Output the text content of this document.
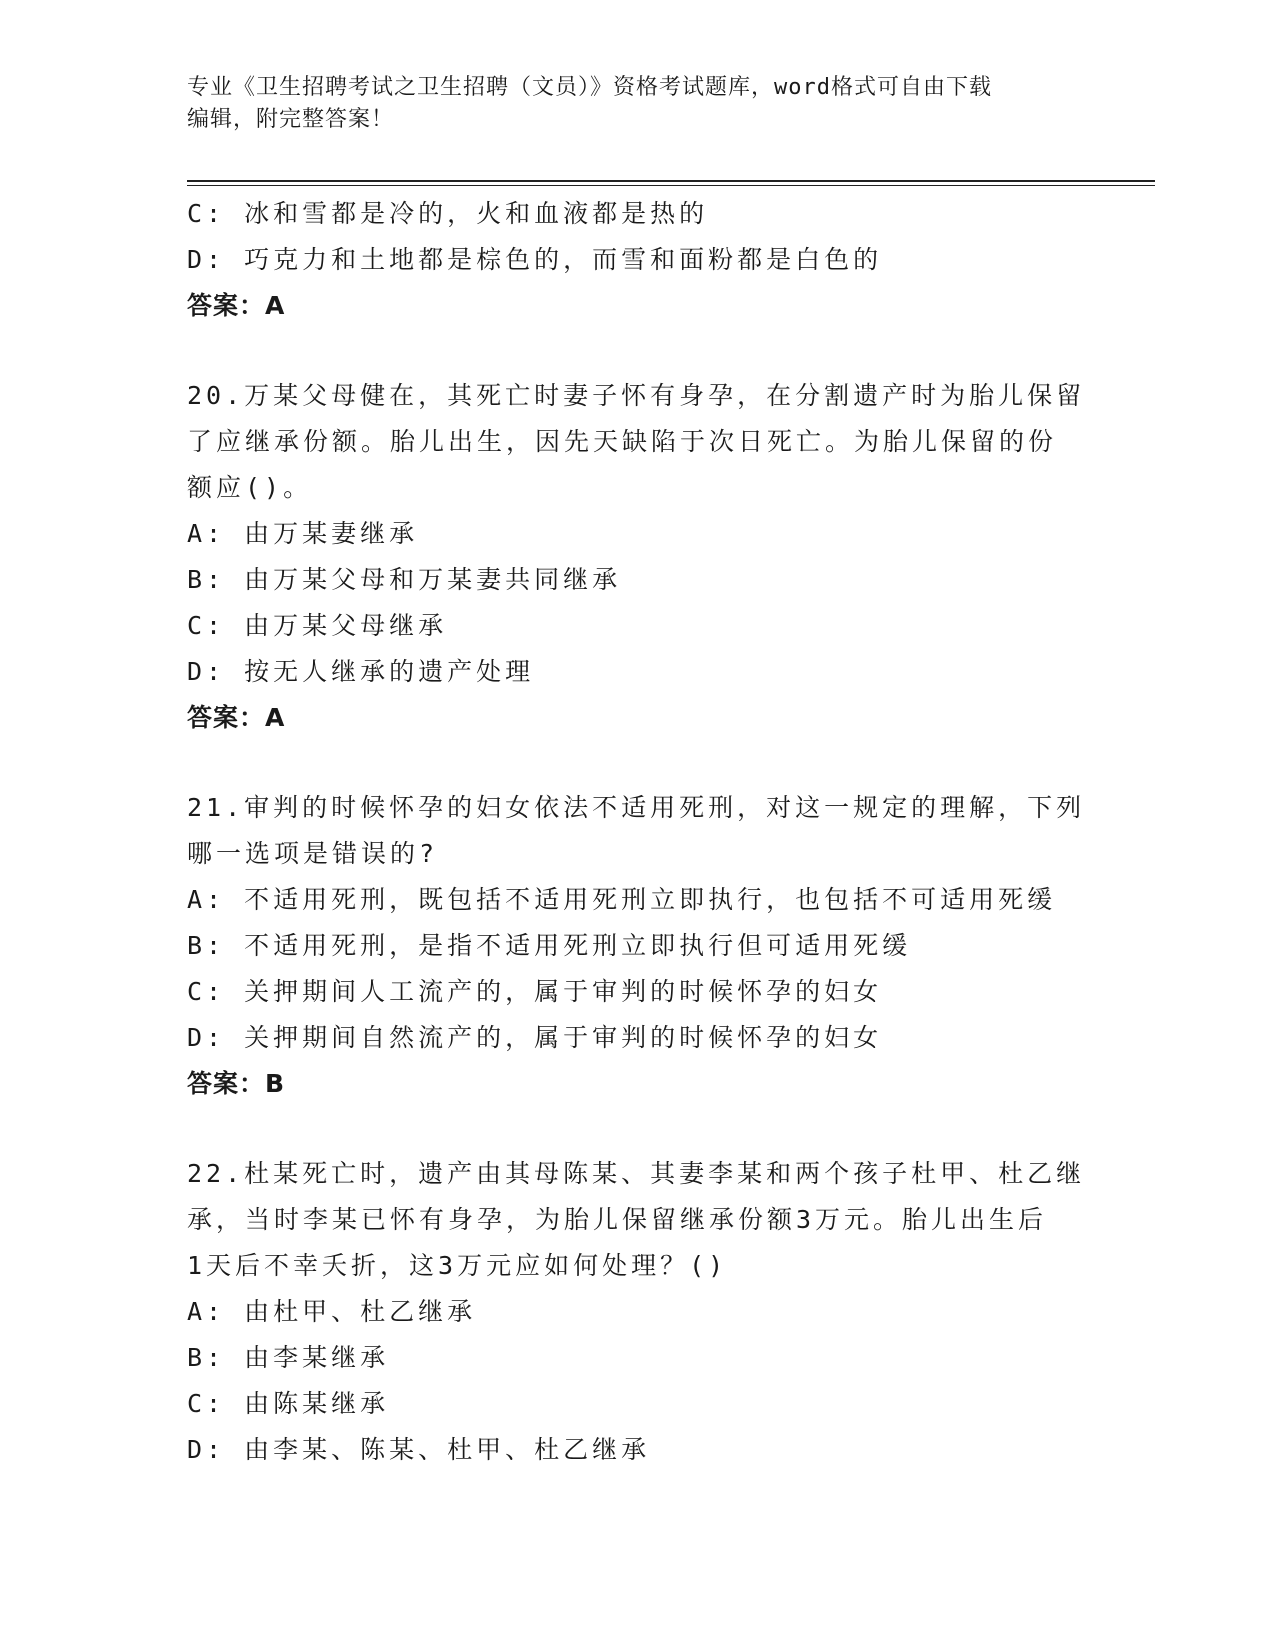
专业《卫生招聘考试之卫生招聘（文员）》资格考试题库，word格式可自由下载
编辑，附完整答案！
C: 冰和雪都是冷的，火和血液都是热的
D: 巧克力和土地都是棕色的，而雪和面粉都是白色的
答案：A
20.万某父母健在，其死亡时妻子怀有身孕，在分割遗产时为胎儿保留
了应继承份额。胎儿出生，因先天缺陷于次日死亡。为胎儿保留的份
额应()。
A: 由万某妻继承
B: 由万某父母和万某妻共同继承
C: 由万某父母继承
D: 按无人继承的遗产处理
答案：A
21.审判的时候怀孕的妇女依法不适用死刑，对这一规定的理解，下列
哪一选项是错误的?
A: 不适用死刑，既包括不适用死刑立即执行，也包括不可适用死缓
B: 不适用死刑，是指不适用死刑立即执行但可适用死缓
C: 关押期间人工流产的，属于审判的时候怀孕的妇女
D: 关押期间自然流产的，属于审判的时候怀孕的妇女
答案：B
22.杜某死亡时，遗产由其母陈某、其妻李某和两个孩子杜甲、杜乙继
承，当时李某已怀有身孕，为胎儿保留继承份额3万元。胎儿出生后
1天后不幸夭折，这3万元应如何处理？()
A: 由杜甲、杜乙继承
B: 由李某继承
C: 由陈某继承
D: 由李某、陈某、杜甲、杜乙继承
